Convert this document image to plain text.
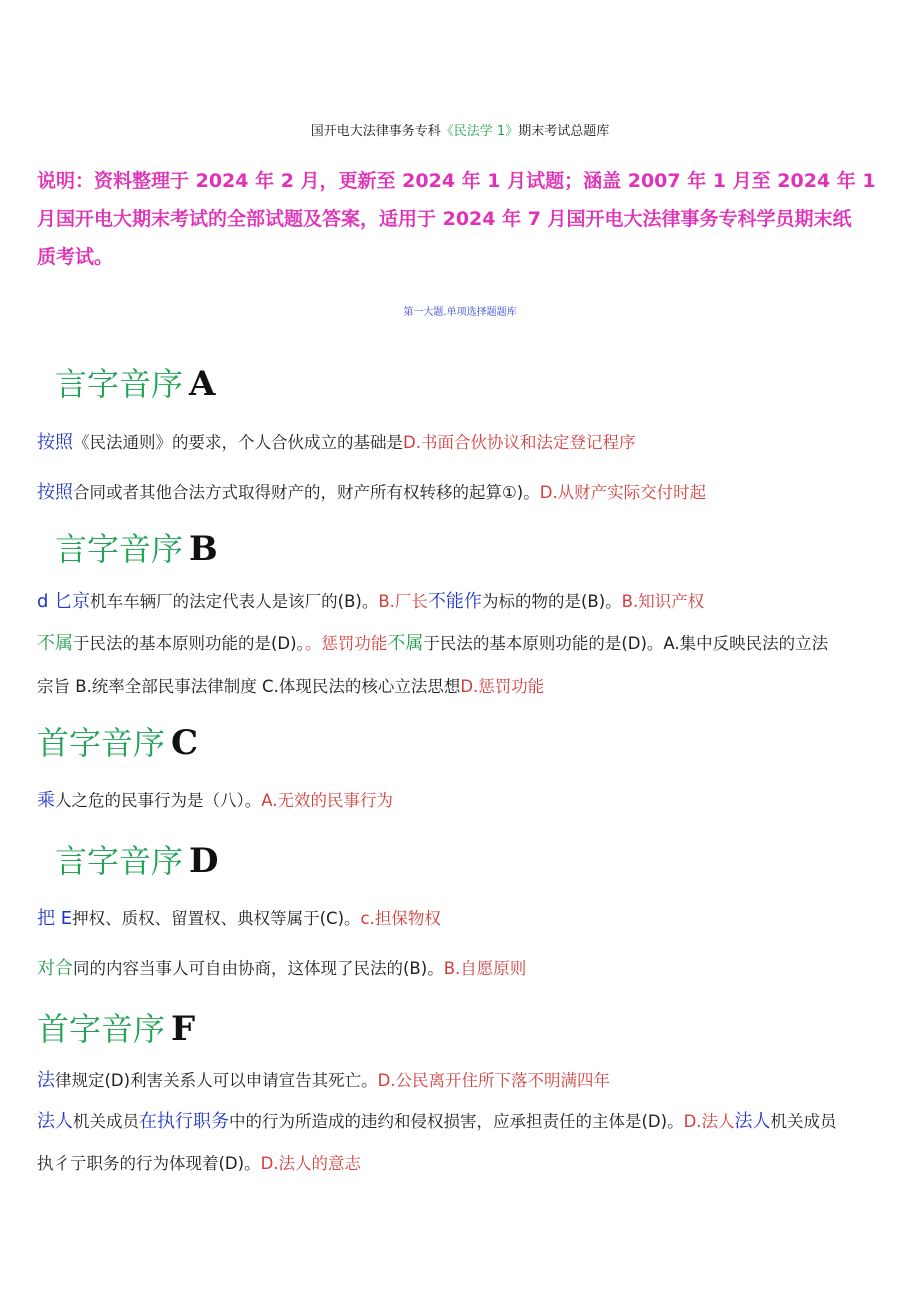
国开电大法律事务专科《民法学 1》期末考试总题库
说明：资料整理于 2024 年 2 月，更新至 2024 年 1 月试题；涵盖 2007 年 1 月至 2024 年 1
月国开电大期末考试的全部试题及答案，适用于 2024 年 7 月国开电大法律事务专科学员期末纸
质考试。
第一大题.单项选择题题库
言字音序 A
按照《民法通则》的要求，个人合伙成立的基础是D.书面合伙协议和法定登记程序
按照合同或者其他合法方式取得财产的，财产所有权转移的起算①)。D.从财产实际交付时起
言字音序 B
d 匕京机车车辆厂的法定代表人是该厂的(B)。B.厂长不能作为标的物的是(B)。B.知识产权
不属于民法的基本原则功能的是(D)。。惩罚功能不属于民法的基本原则功能的是(D)。A.集中反映民法的立法
宗旨 B.统率全部民事法律制度 C.体现民法的核心立法思想D.惩罚功能
首字音序 C
乘人之危的民事行为是（八）。A.无效的民事行为
言字音序 D
把 E押权、质权、留置权、典权等属于(C)。c.担保物权
对合同的内容当事人可自由协商，这体现了民法的(B)。B.自愿原则
首字音序 F
法律规定(D)利害关系人可以申请宣告其死亡。D.公民离开住所下落不明满四年
法人机关成员在执行职务中的行为所造成的违约和侵权损害，应承担责任的主体是(D)。D.法人法人机关成员
执彳亍职务的行为体现着(D)。D.法人的意志
